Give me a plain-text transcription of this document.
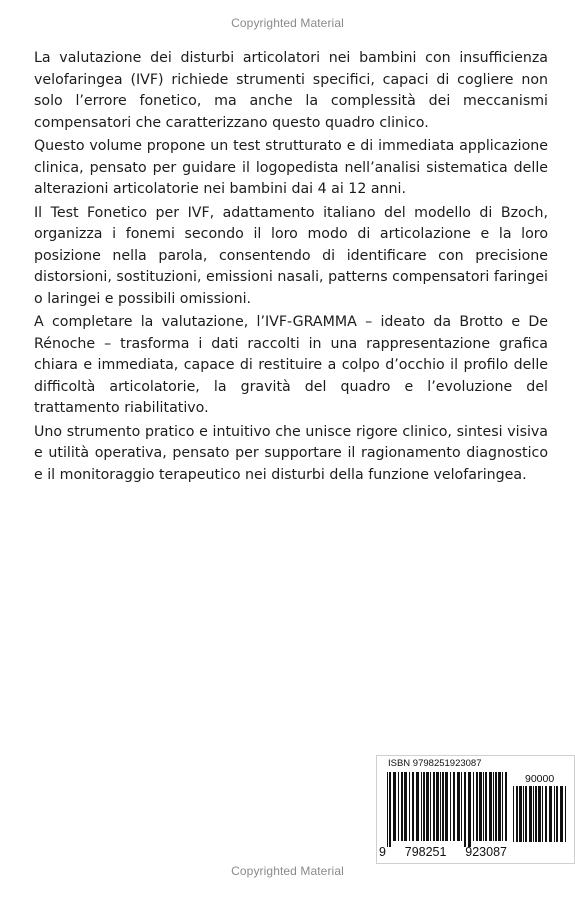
Copyrighted Material

La valutazione dei disturbi articolatori nei bambini con insufficienza velofaringea (IVF) richiede strumenti specifici, capaci di cogliere non solo l’errore fonetico, ma anche la complessità dei meccanismi compensatori che caratterizzano questo quadro clinico.

Questo volume propone un test strutturato e di immediata applicazione clinica, pensato per guidare il logopedista nell’analisi sistematica delle alterazioni articolatorie nei bambini dai 4 ai 12 anni.

Il Test Fonetico per IVF, adattamento italiano del modello di Bzoch, organizza i fonemi secondo il loro modo di articolazione e la loro posizione nella parola, consentendo di identificare con precisione distorsioni, sostituzioni, emissioni nasali, patterns compensatori faringei o laringei e possibili omissioni.

A completare la valutazione, l’IVF-GRAMMA – ideato da Brotto e De Rénoche – trasforma i dati raccolti in una rappresentazione grafica chiara e immediata, capace di restituire a colpo d’occhio il profilo delle difficoltà articolatorie, la gravità del quadro e l’evoluzione del trattamento riabilitativo.

Uno strumento pratico e intuitivo che unisce rigore clinico, sintesi visiva e utilità operativa, pensato per supportare il ragionamento diagnostico e il monitoraggio terapeutico nei disturbi della funzione velofaringea.

ISBN 9798251923087
90000
9 798251 923087
Copyrighted Material
